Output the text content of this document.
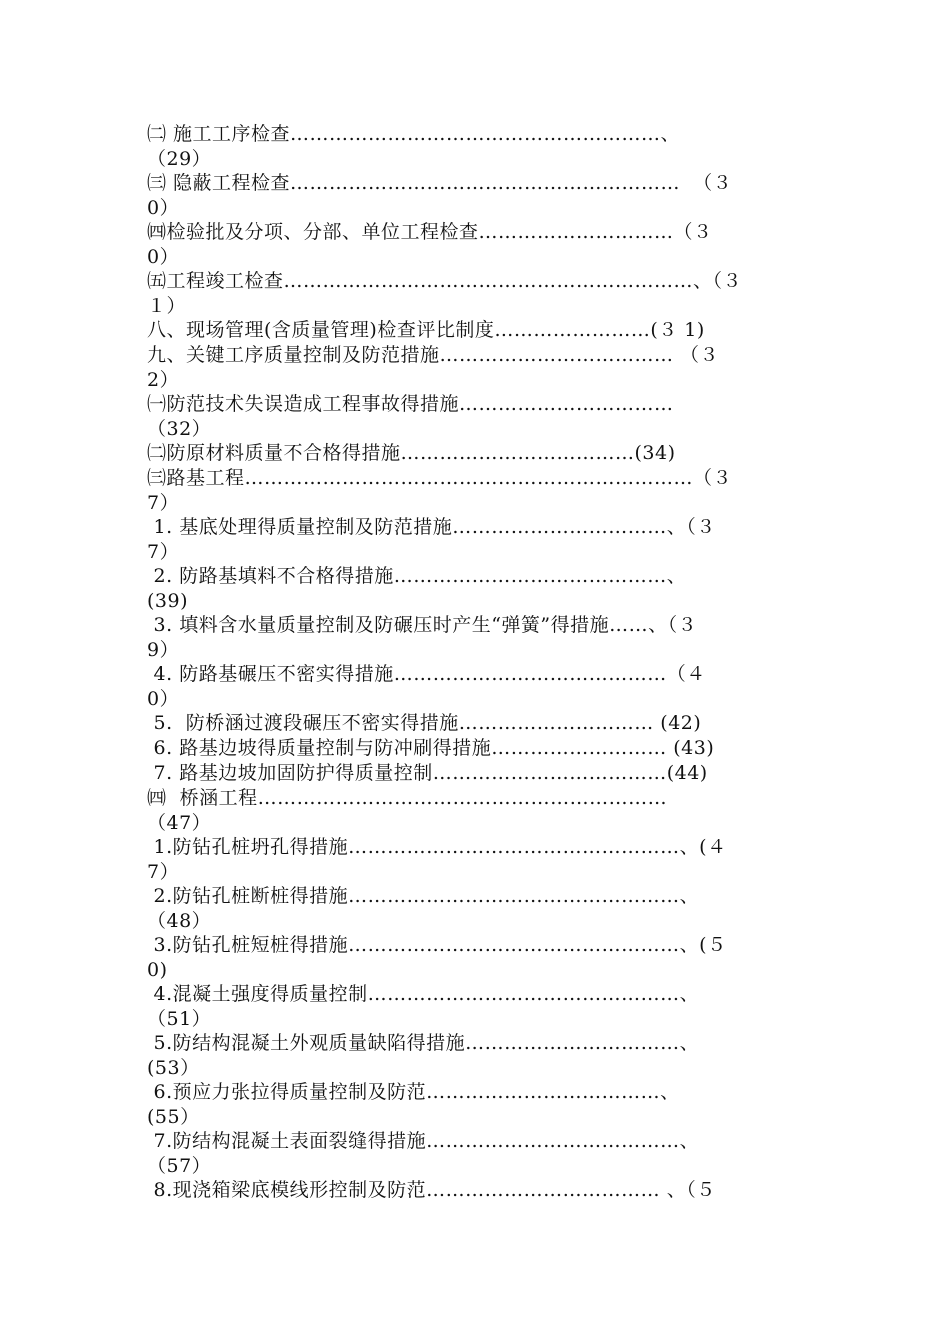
㈡ 施工工序检查…………………………………………………、
（29）
㈢ 隐蔽工程检查……………………………………………………  （３
0）
㈣检验批及分项、分部、单位工程检查…………………………（３
0）
㈤工程竣工检查………………………………………………………、（３
１）
八、现场管理(含质量管理)检查评比制度……………………(３ 1)
九、关键工序质量控制及防范措施……………………………… （３
2）
㈠防范技术失误造成工程事故得措施……………………………
（32）
㈡防原材料质量不合格得措施………………………………(34)
㈢路基工程……………………………………………………………（３
7）
1. 基底处理得质量控制及防范措施……………………………、（３
7）
2. 防路基填料不合格得措施……………………………………、
(39)
3. 填料含水量质量控制及防碾压时产生“弹簧”得措施……、（３
9）
4. 防路基碾压不密实得措施……………………………………（４
0）
5.  防桥涵过渡段碾压不密实得措施………………………… (42)
6. 路基边坡得质量控制与防冲刷得措施……………………… (43)
7. 路基边坡加固防护得质量控制………………………………(44)
㈣  桥涵工程………………………………………………………
（47）
1.防钻孔桩坍孔得措施……………………………………………、(４
7）
2.防钻孔桩断桩得措施……………………………………………、
（48）
3.防钻孔桩短桩得措施……………………………………………、(５
0)
4.混凝土强度得质量控制…………………………………………、
（51）
5.防结构混凝土外观质量缺陷得措施……………………………、
(53）
6.预应力张拉得质量控制及防范………………………………、
(55）
7.防结构混凝土表面裂缝得措施…………………………………、
（57）
8.现浇箱梁底模线形控制及防范……………………………… 、（５
